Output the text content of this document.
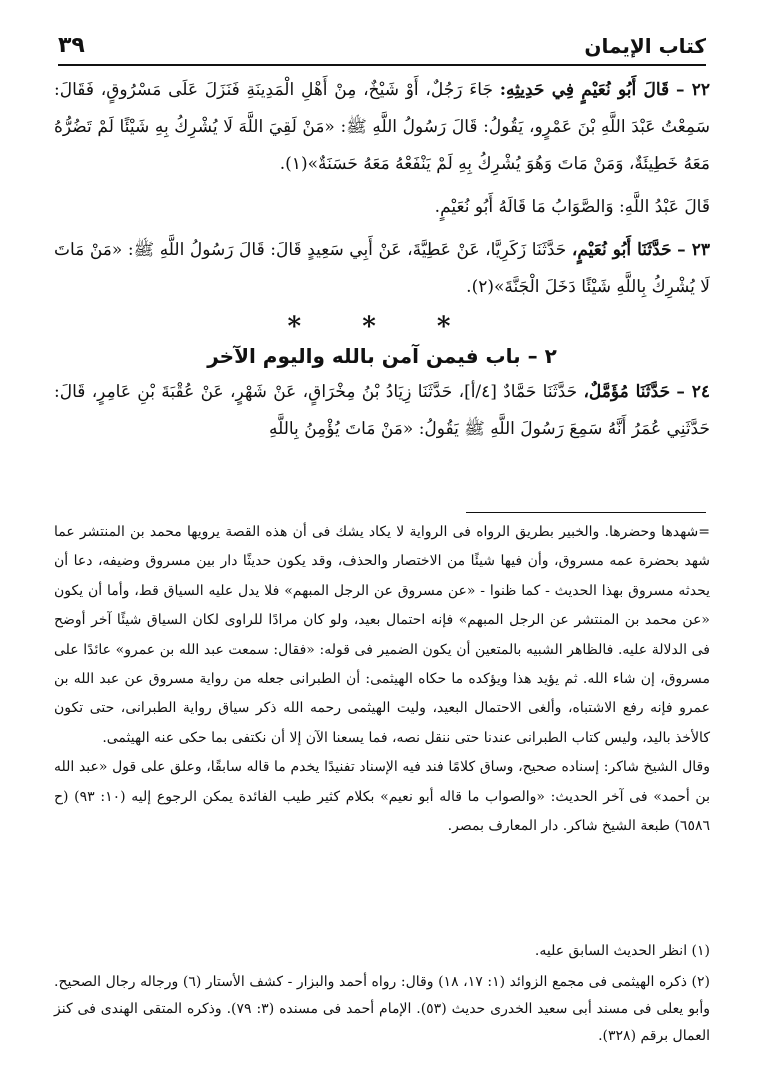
كتاب الإيمان
٣٩

٢٢ – قَالَ أَبُو نُعَيْمٍ فِي حَدِيثِهِ: جَاءَ رَجُلٌ، أَوْ شَيْخٌ، مِنْ أَهْلِ الْمَدِينَةِ فَنَزَلَ عَلَى مَسْرُوقٍ، فَقَالَ: سَمِعْتُ عَبْدَ اللَّهِ بْنَ عَمْرٍو، يَقُولُ: قَالَ رَسُولُ اللَّهِ ﷺ: «مَنْ لَقِيَ اللَّهَ لَا يُشْرِكُ بِهِ شَيْئًا لَمْ تَضُرُّهُ مَعَهُ خَطِيئَةٌ، وَمَنْ مَاتَ وَهُوَ يُشْرِكُ بِهِ لَمْ يَنْفَعْهُ مَعَهُ حَسَنَةٌ»(١).

قَالَ عَبْدُ اللَّهِ: وَالصَّوَابُ مَا قَالَهُ أَبُو نُعَيْمٍ.

٢٣ – حَدَّثَنَا أَبُو نُعَيْمٍ، حَدَّثَنَا زَكَرِيَّا، عَنْ عَطِيَّةَ، عَنْ أَبِي سَعِيدٍ قَالَ: قَالَ رَسُولُ اللَّهِ ﷺ: «مَنْ مَاتَ لَا يُشْرِكُ بِاللَّهِ شَيْئًا دَخَلَ الْجَنَّةَ»(٢).

* * *
٢ – باب فيمن آمن بالله واليوم الآخر

٢٤ – حَدَّثَنَا مُؤَمَّلٌ، حَدَّثَنَا حَمَّادٌ [٤/أ]، حَدَّثَنَا زِيَادُ بْنُ مِخْرَاقٍ، عَنْ شَهْرٍ، عَنْ عُقْبَةَ بْنِ عَامِرٍ، قَالَ: حَدَّثَنِي عُمَرُ أَنَّهُ سَمِعَ رَسُولَ اللَّهِ ﷺ يَقُولُ: «مَنْ مَاتَ يُؤْمِنُ بِاللَّهِ

=شهدها وحضرها. والخبير بطريق الرواه فى الرواية لا يكاد يشك فى أن هذه القصة يرويها محمد بن المنتشر عما شهد بحضرة عمه مسروق، وأن فيها شيئًا من الاختصار والحذف، وقد يكون حديثًا دار بين مسروق وضيفه، دعا أن يحدثه مسروق بهذا الحديث - كما ظنوا - «عن مسروق عن الرجل المبهم» فلا يدل عليه السياق قط، وأما أن يكون «عن محمد بن المنتشر عن الرجل المبهم» فإنه احتمال بعيد، ولو كان مرادًا للراوى لكان السياق شيئًا آخر أوضح فى الدلالة عليه. فالظاهر الشبيه بالمتعين أن يكون الضمير فى قوله: «فقال: سمعت عبد الله بن عمرو» عائدًا على مسروق، إن شاء الله. ثم يؤيد هذا ويؤكده ما حكاه الهيثمى: أن الطبرانى جعله من رواية مسروق عن عبد الله بن عمرو فإنه رفع الاشتباه، وألغى الاحتمال البعيد، وليت الهيثمى رحمه الله ذكر سياق رواية الطبرانى، حتى تكون كالأخذ باليد، وليس كتاب الطبرانى عندنا حتى ننقل نصه، فما يسعنا الآن إلا أن نكتفى بما حكى عنه الهيثمى.

وقال الشيخ شاكر: إسناده صحيح، وساق كلامًا فند فيه الإسناد تفنيدًا يخدم ما قاله سابقًا، وعلق على قول «عبد الله بن أحمد» فى آخر الحديث: «والصواب ما قاله أبو نعيم» بكلام كثير طيب الفائدة يمكن الرجوع إليه (١٠: ٩٣) (ح ٦٥٨٦) طبعة الشيخ شاكر. دار المعارف بمصر.

(١) انظر الحديث السابق عليه.

(٢) ذكره الهيثمى فى مجمع الزوائد (١: ١٧، ١٨) وقال: رواه أحمد والبزار - كشف الأستار (٦) ورجاله رجال الصحيح. وأبو يعلى فى مسند أبى سعيد الخدرى حديث (٥٣). الإمام أحمد فى مسنده (٣: ٧٩). وذكره المتقى الهندى فى كنز العمال برقم (٣٢٨).
